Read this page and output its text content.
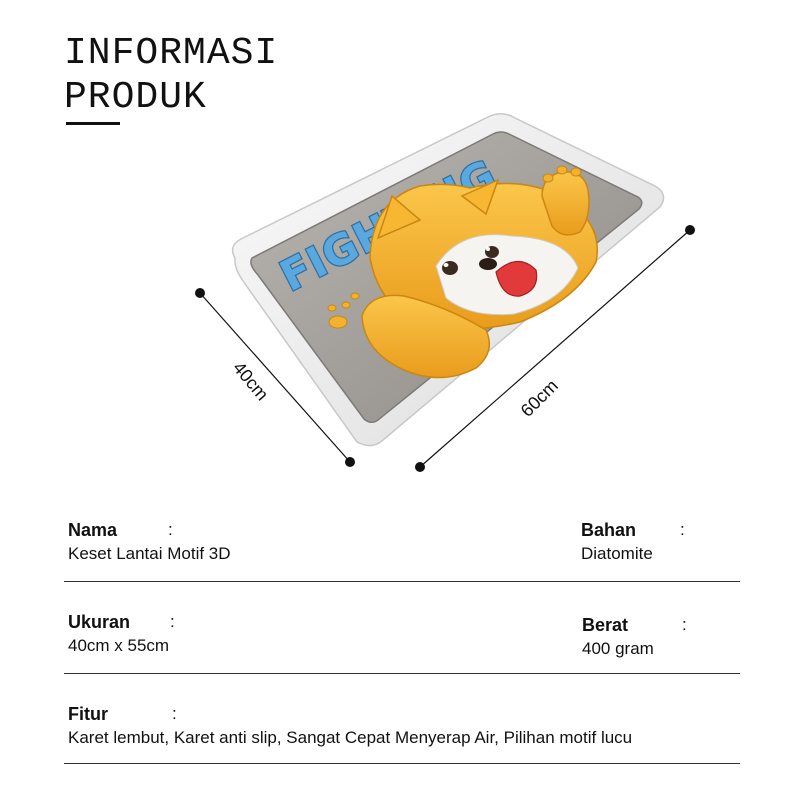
INFORMASI
PRODUK
40cm	60cm
Nama	:
Keset Lantai Motif 3D
Bahan	:
Diatomite
Ukuran :
40cm x 55cm
Berat	:
400 gram
Fitur	:
Karet lembut, Karet anti slip, Sangat Cepat Menyerap Air, Pilihan motif lucu
